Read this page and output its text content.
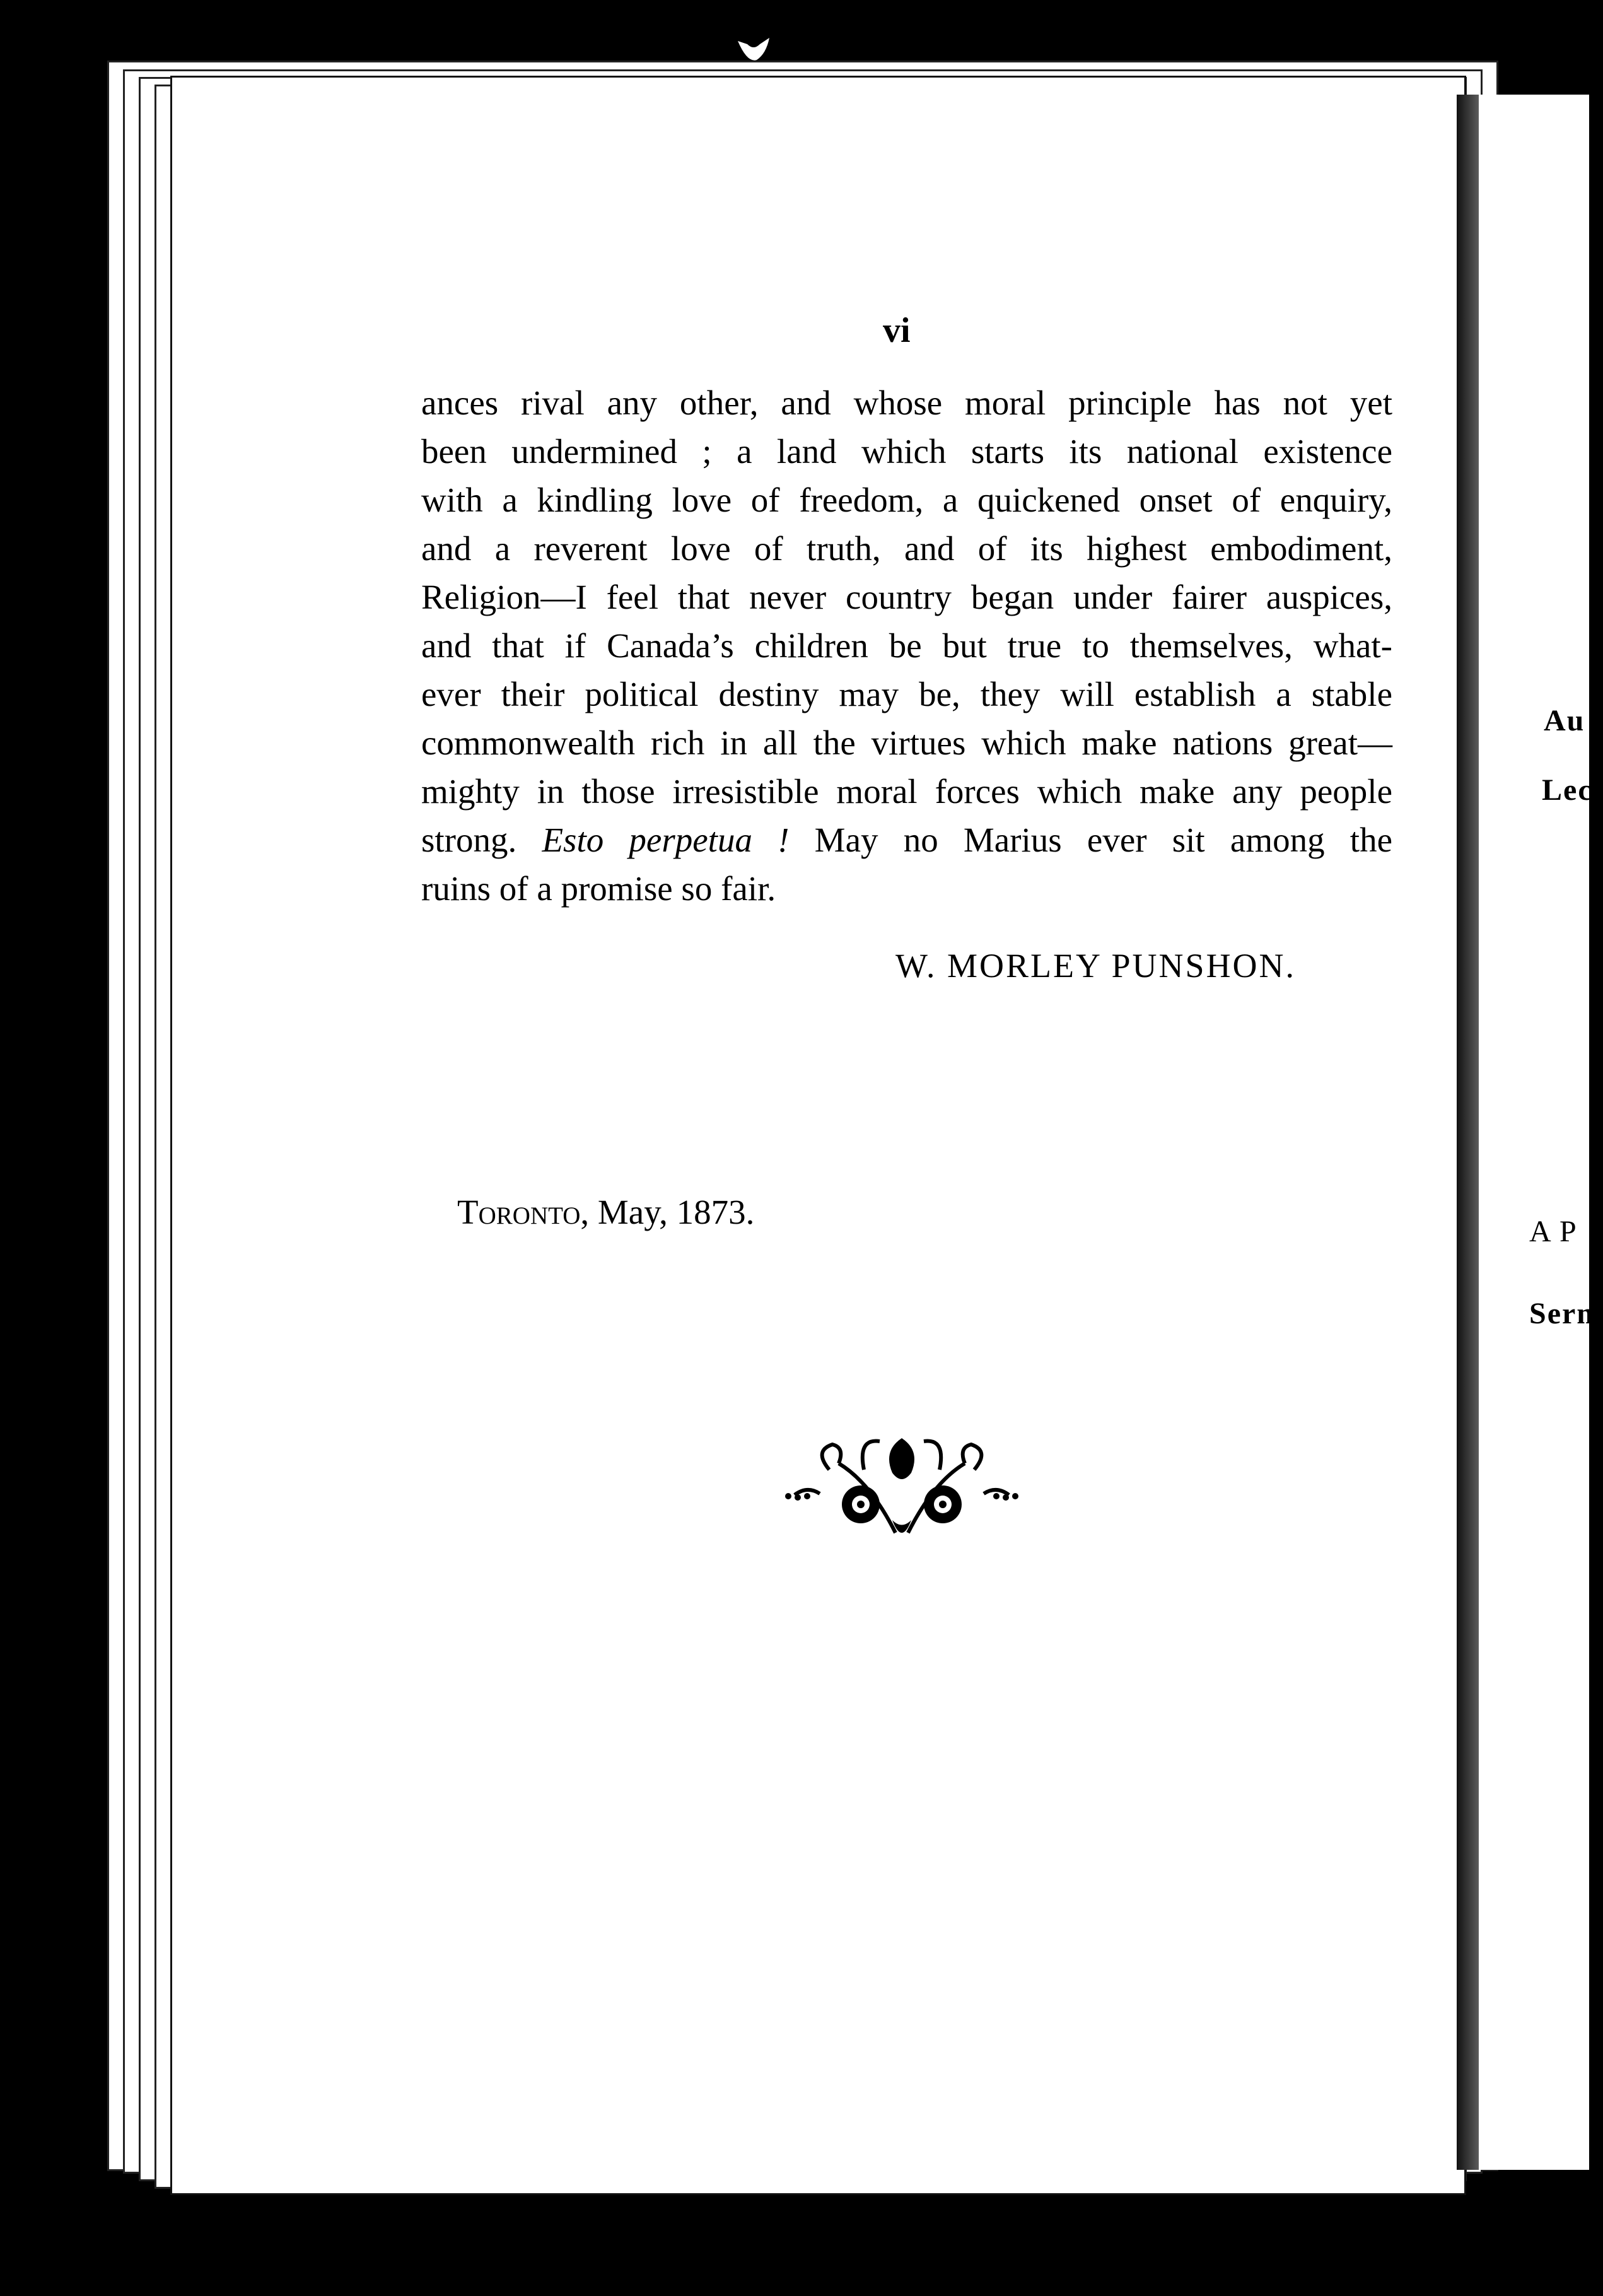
Au
Lec
A P
Serm
vi
ances rival any other, and whose moral principle has not yet
been undermined ; a land which starts its national existence
with a kindling love of freedom, a quickened onset of enquiry,
and a reverent love of truth, and of its highest embodiment,
Religion—I feel that never country began under fairer auspices,
and that if Canada’s children be but true to themselves, what-
ever their political destiny may be, they will establish a stable
commonwealth rich in all the virtues which make nations great—
mighty in those irresistible moral forces which make any people
strong. Esto perpetua ! May no Marius ever sit among the
ruins of a promise so fair.
W. MORLEY PUNSHON.
Toronto, May, 1873.
